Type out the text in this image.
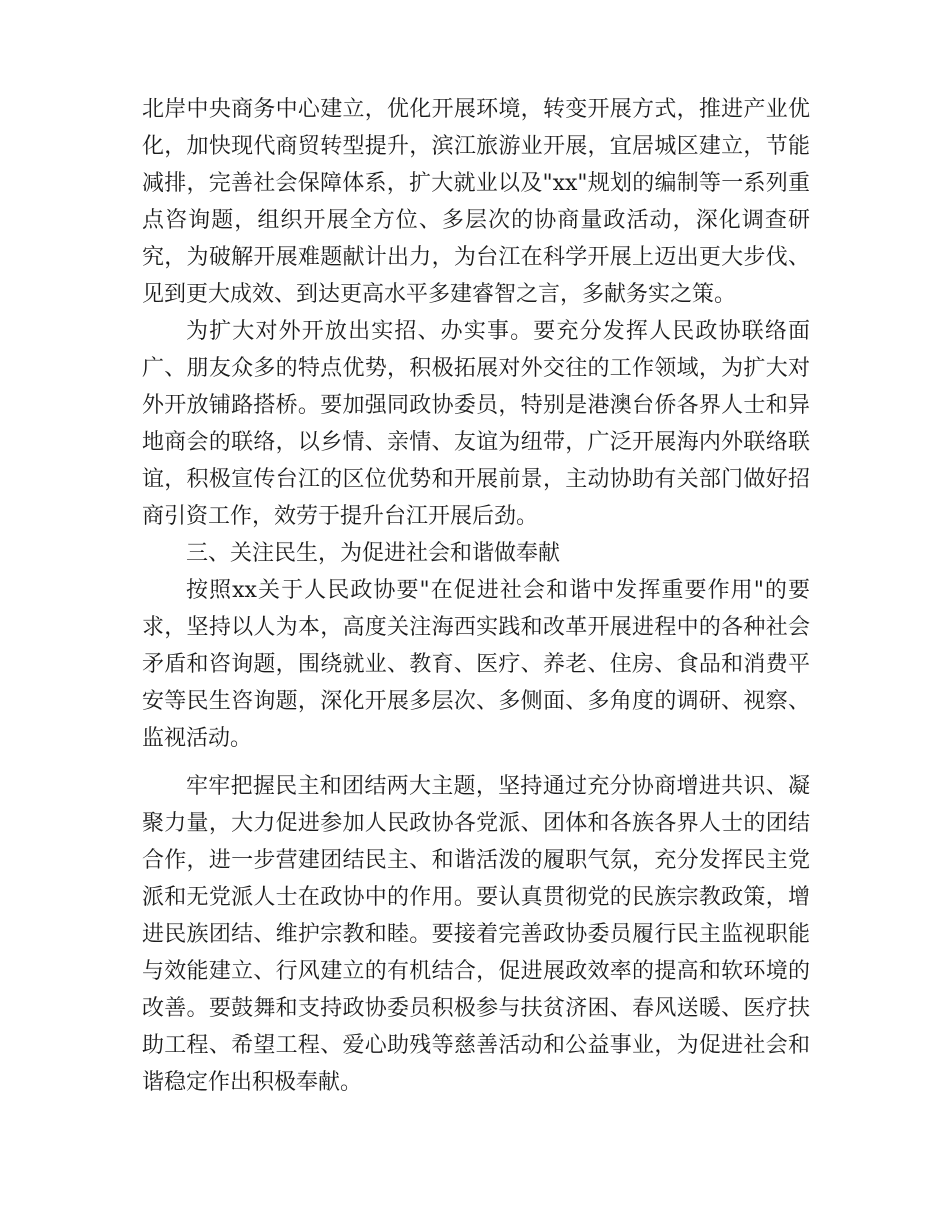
北岸中央商务中心建立，优化开展环境，转变开展方式，推进产业优化，加快现代商贸转型提升，滨江旅游业开展，宜居城区建立，节能减排，完善社会保障体系，扩大就业以及"xx"规划的编制等一系列重点咨询题，组织开展全方位、多层次的协商量政活动，深化调查研究，为破解开展难题献计出力，为台江在科学开展上迈出更大步伐、见到更大成效、到达更高水平多建睿智之言，多献务实之策。

为扩大对外开放出实招、办实事。要充分发挥人民政协联络面广、朋友众多的特点优势，积极拓展对外交往的工作领域，为扩大对外开放铺路搭桥。要加强同政协委员，特别是港澳台侨各界人士和异地商会的联络，以乡情、亲情、友谊为纽带，广泛开展海内外联络联谊，积极宣传台江的区位优势和开展前景，主动协助有关部门做好招商引资工作，效劳于提升台江开展后劲。

三、关注民生，为促进社会和谐做奉献

按照xx关于人民政协要"在促进社会和谐中发挥重要作用"的要求，坚持以人为本，高度关注海西实践和改革开展进程中的各种社会矛盾和咨询题，围绕就业、教育、医疗、养老、住房、食品和消费平安等民生咨询题，深化开展多层次、多侧面、多角度的调研、视察、监视活动。

牢牢把握民主和团结两大主题，坚持通过充分协商增进共识、凝聚力量，大力促进参加人民政协各党派、团体和各族各界人士的团结合作，进一步营建团结民主、和谐活泼的履职气氛，充分发挥民主党派和无党派人士在政协中的作用。要认真贯彻党的民族宗教政策，增进民族团结、维护宗教和睦。要接着完善政协委员履行民主监视职能与效能建立、行风建立的有机结合，促进展政效率的提高和软环境的改善。要鼓舞和支持政协委员积极参与扶贫济困、春风送暖、医疗扶助工程、希望工程、爱心助残等慈善活动和公益事业，为促进社会和谐稳定作出积极奉献。
